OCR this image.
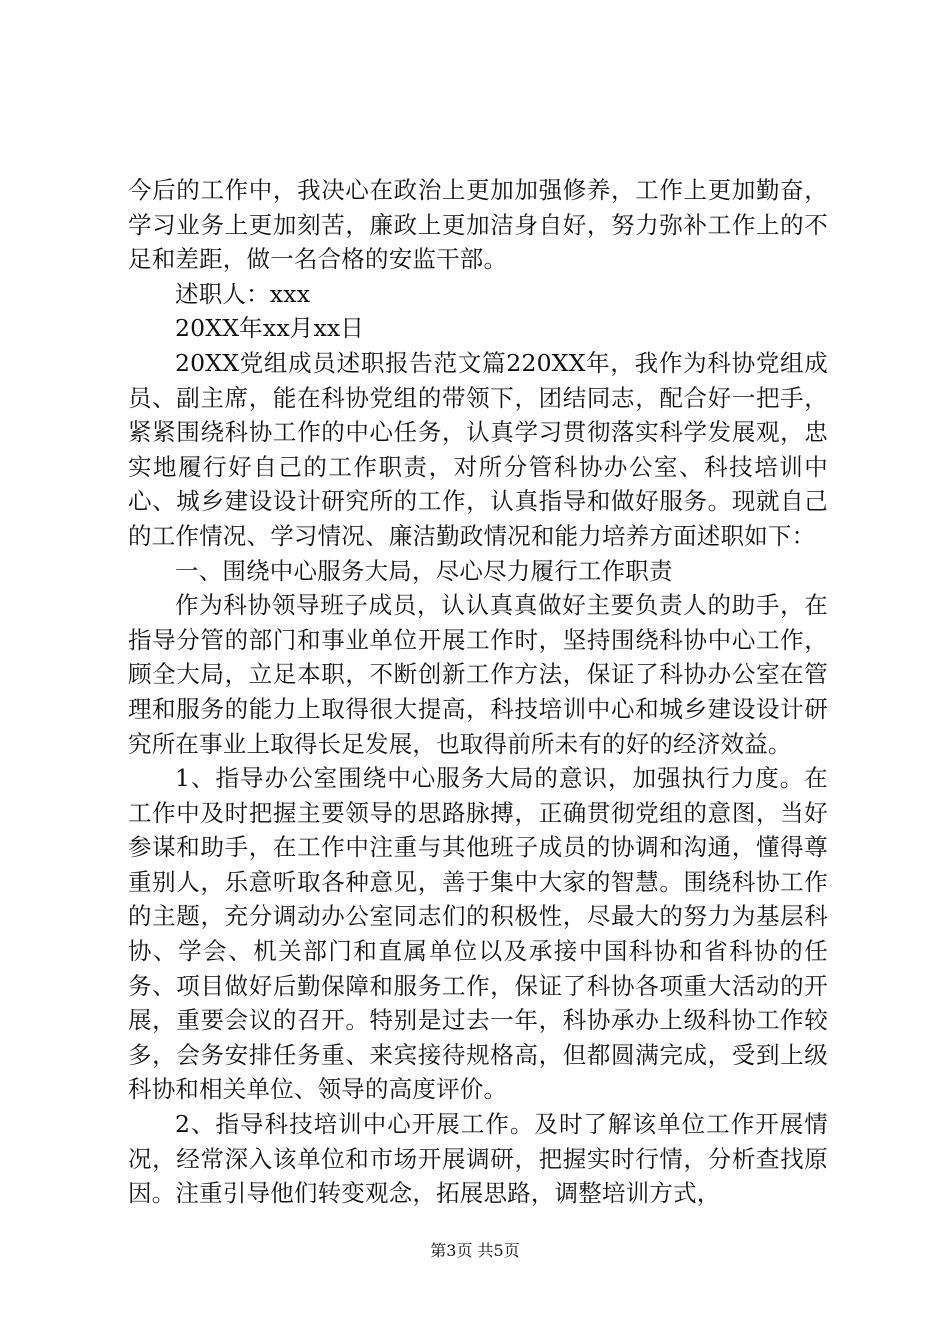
今后的工作中，我决心在政治上更加加强修养，工作上更加勤奋，学习业务上更加刻苦，廉政上更加洁身自好，努力弥补工作上的不足和差距，做一名合格的安监干部。

述职人：xxx

20XX年xx月xx日

20XX党组成员述职报告范文篇220XX年，我作为科协党组成员、副主席，能在科协党组的带领下，团结同志，配合好一把手，紧紧围绕科协工作的中心任务，认真学习贯彻落实科学发展观，忠实地履行好自己的工作职责，对所分管科协办公室、科技培训中心、城乡建设设计研究所的工作，认真指导和做好服务。现就自己的工作情况、学习情况、廉洁勤政情况和能力培养方面述职如下：

一、围绕中心服务大局，尽心尽力履行工作职责

作为科协领导班子成员，认认真真做好主要负责人的助手，在指导分管的部门和事业单位开展工作时，坚持围绕科协中心工作，顾全大局，立足本职，不断创新工作方法，保证了科协办公室在管理和服务的能力上取得很大提高，科技培训中心和城乡建设设计研究所在事业上取得长足发展，也取得前所未有的好的经济效益。

1、指导办公室围绕中心服务大局的意识，加强执行力度。在工作中及时把握主要领导的思路脉搏，正确贯彻党组的意图，当好参谋和助手，在工作中注重与其他班子成员的协调和沟通，懂得尊重别人，乐意听取各种意见，善于集中大家的智慧。围绕科协工作的主题，充分调动办公室同志们的积极性，尽最大的努力为基层科协、学会、机关部门和直属单位以及承接中国科协和省科协的任务、项目做好后勤保障和服务工作，保证了科协各项重大活动的开展，重要会议的召开。特别是过去一年，科协承办上级科协工作较多，会务安排任务重、来宾接待规格高，但都圆满完成，受到上级科协和相关单位、领导的高度评价。

2、指导科技培训中心开展工作。及时了解该单位工作开展情况，经常深入该单位和市场开展调研，把握实时行情，分析查找原因。注重引导他们转变观念，拓展思路，调整培训方式，

第3页 共5页
